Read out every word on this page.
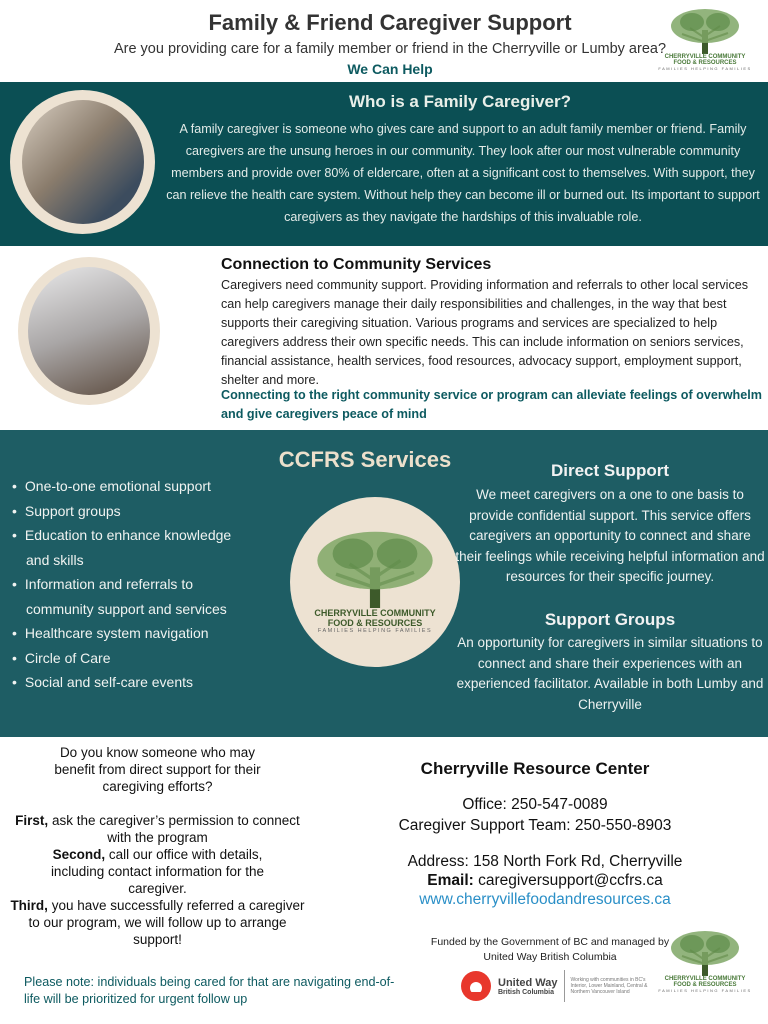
Family & Friend Caregiver Support
Are you providing care for a family member or friend in the Cherryville or Lumby area?
We Can Help
CHERRYVILLE COMMUNITY
FOOD & RESOURCES
FAMILIES HELPING FAMILIES
Who is a Family Caregiver?
A family caregiver is someone who gives care and support to an adult family member or friend. Family caregivers are the unsung heroes in our community. They look after our most vulnerable community members and provide over 80% of eldercare, often at a significant cost to themselves. With support, they can relieve the health care system. Without help they can become ill or burned out. Its important to support caregivers as they navigate the hardships of this invaluable role.
Connection to Community Services
Caregivers need community support. Providing information and referrals to other local services can help caregivers manage their daily responsibilities and challenges, in the way that best supports their caregiving situation. Various programs and services are specialized to help caregivers address their own specific needs. This can include information on seniors services, financial assistance, health services, food resources, advocacy support, employment support, shelter and more.
Connecting to the right community service or program can alleviate feelings of overwhelm and give caregivers peace of mind
CCFRS Services
• One-to-one emotional support
• Support groups
• Education to enhance knowledge
and skills
• Information and referrals to
community support and services
• Healthcare system navigation
• Circle of Care
• Social and self-care events
CHERRYVILLE COMMUNITY
FOOD & RESOURCES
FAMILIES HELPING FAMILIES
Direct Support
We meet caregivers on a one to one basis to provide confidential support. This service offers caregivers an opportunity to connect and share their feelings while receiving helpful information and resources for their specific journey.
Support Groups
An opportunity for caregivers in similar situations to connect and share their experiences with an experienced facilitator. Available in both Lumby and Cherryville
Do you know someone who may benefit from direct support for their caregiving efforts?
First, ask the caregiver’s permission to connect with the program
Second, call our office with details, including contact information for the caregiver.
Third, you have successfully referred a caregiver to our program, we will follow up to arrange support!
Please note: individuals being cared for that are navigating end-of-life will be prioritized for urgent follow up
Cherryville Resource Center
Office: 250-547-0089
Caregiver Support Team: 250-550-8903
Address: 158 North Fork Rd, Cherryville
Email: caregiversupport@ccfrs.ca
www.cherryvillefoodandresources.ca
Funded by the Government of BC and managed by
United Way British Columbia
United Way
British Columbia
Working with communities in BC's Interior, Lower Mainland, Central & Northern Vancouver Island
CHERRYVILLE COMMUNITY
FOOD & RESOURCES
FAMILIES HELPING FAMILIES
